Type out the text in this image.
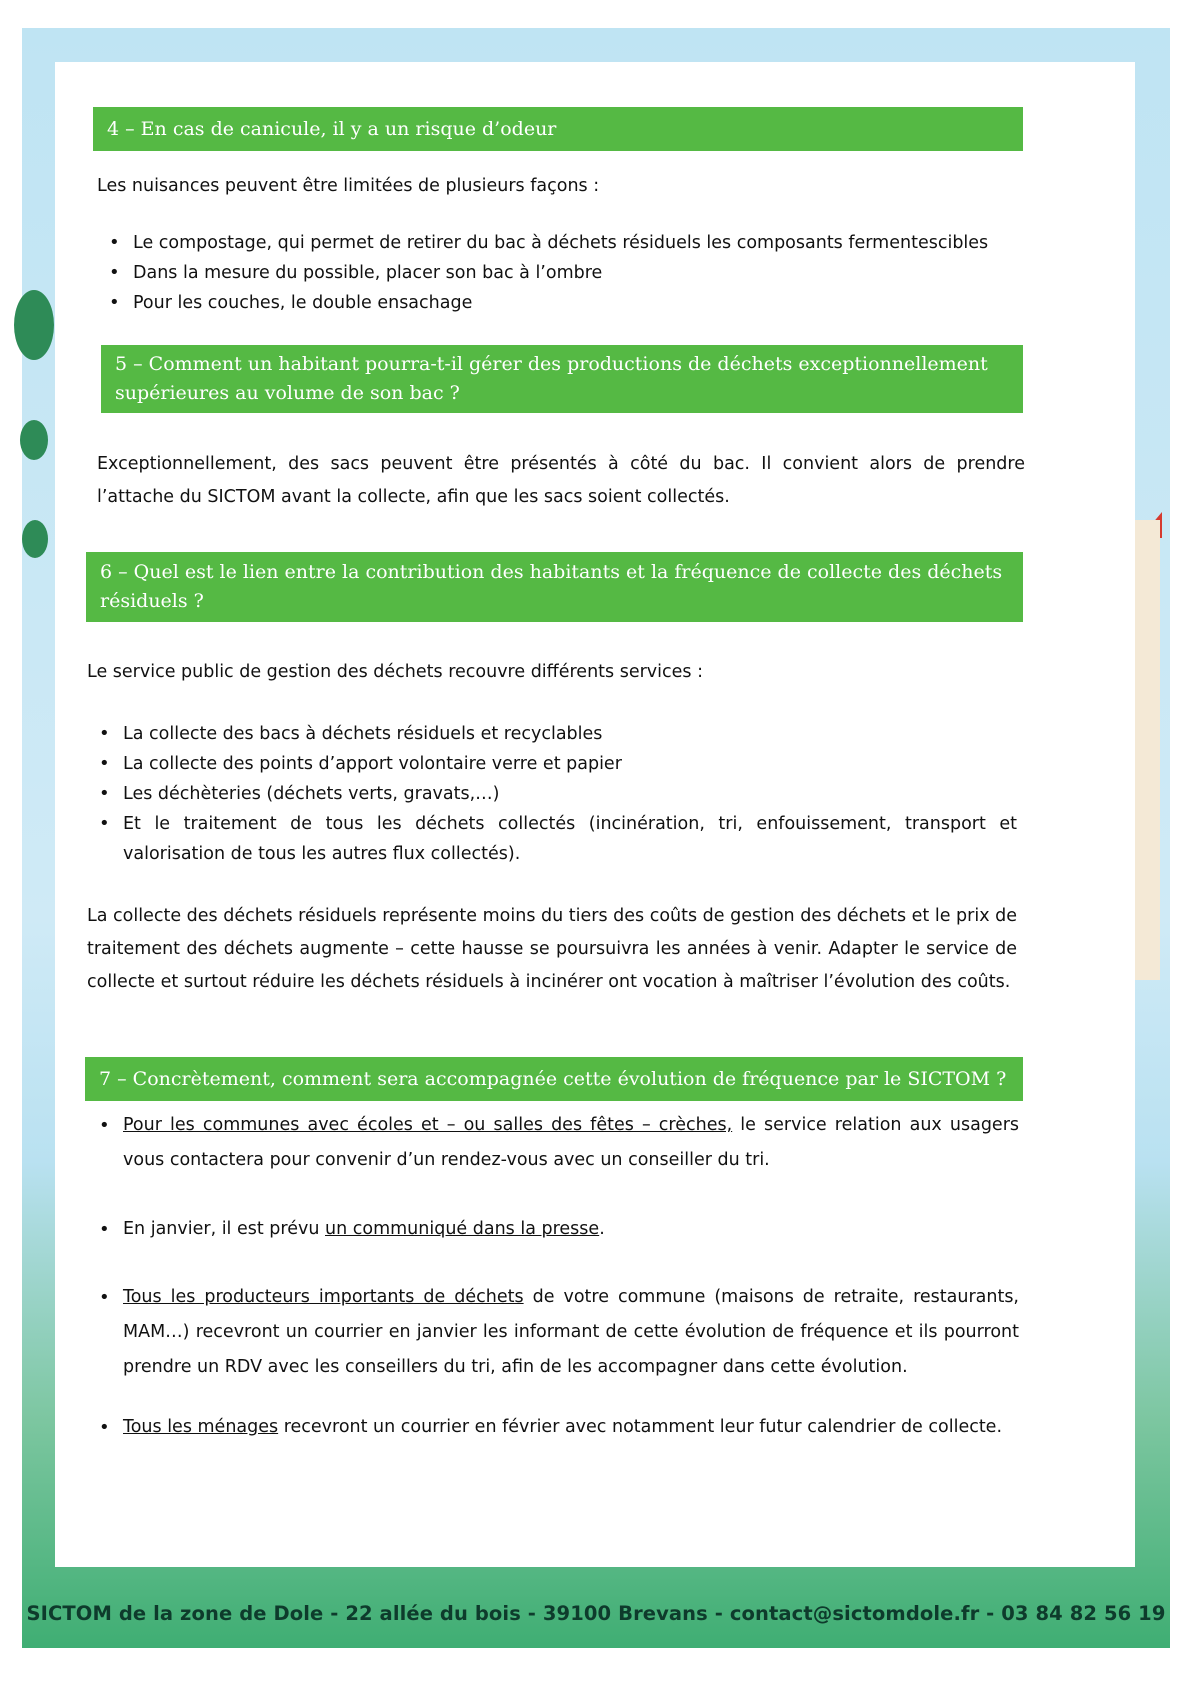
4 – En cas de canicule, il y a un risque d’odeur

Les nuisances peuvent être limitées de plusieurs façons :

• Le compostage, qui permet de retirer du bac à déchets résiduels les composants fermentescibles
• Dans la mesure du possible, placer son bac à l’ombre
• Pour les couches, le double ensachage
5 – Comment un habitant pourra-t-il gérer des productions de déchets exceptionnellement supérieures au volume de son bac ?

Exceptionnellement, des sacs peuvent être présentés à côté du bac. Il convient alors de prendre l’attache du SICTOM avant la collecte, afin que les sacs soient collectés.

6 – Quel est le lien entre la contribution des habitants et la fréquence de collecte des déchets résiduels ?

Le service public de gestion des déchets recouvre différents services :

• La collecte des bacs à déchets résiduels et recyclables
• La collecte des points d’apport volontaire verre et papier
• Les déchèteries (déchets verts, gravats,…)
• Et le traitement de tous les déchets collectés (incinération, tri, enfouissement, transport et valorisation de tous les autres flux collectés).

La collecte des déchets résiduels représente moins du tiers des coûts de gestion des déchets et le prix de traitement des déchets augmente – cette hausse se poursuivra les années à venir. Adapter le service de collecte et surtout réduire les déchets résiduels à incinérer ont vocation à maîtriser l’évolution des coûts.

7 – Concrètement, comment sera accompagnée cette évolution de fréquence par le SICTOM ?
• Pour les communes avec écoles et – ou salles des fêtes – crèches, le service relation aux usagers vous contactera pour convenir d’un rendez-vous avec un conseiller du tri.
• En janvier, il est prévu un communiqué dans la presse.
• Tous les producteurs importants de déchets de votre commune (maisons de retraite, restaurants, MAM…) recevront un courrier en janvier les informant de cette évolution de fréquence et ils pourront prendre un RDV avec les conseillers du tri, afin de les accompagner dans cette évolution.
• Tous les ménages recevront un courrier en février avec notamment leur futur calendrier de collecte.
SICTOM de la zone de Dole - 22 allée du bois - 39100 Brevans - contact@sictomdole.fr - 03 84 82 56 19
